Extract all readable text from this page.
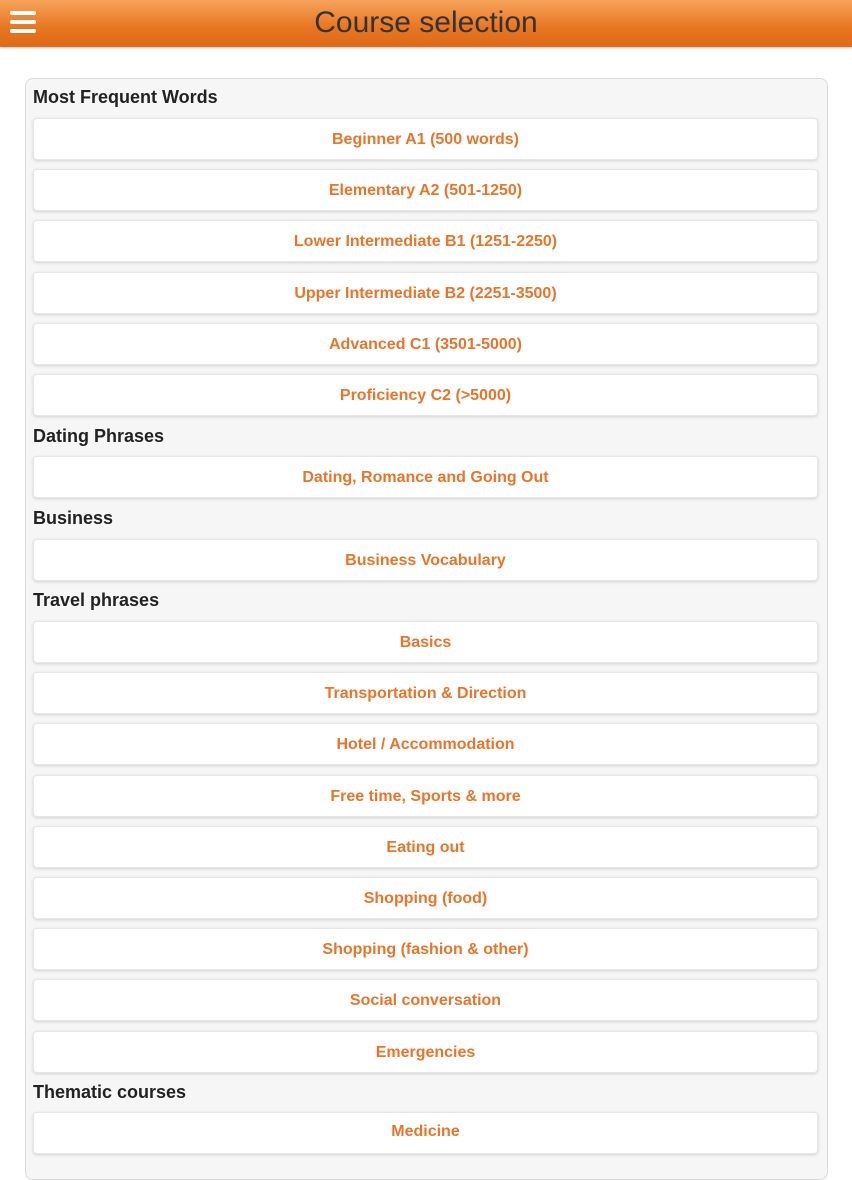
Course selection
Most Frequent Words
Beginner A1 (500 words)
Elementary A2 (501-1250)
Lower Intermediate B1 (1251-2250)
Upper Intermediate B2 (2251-3500)
Advanced C1 (3501-5000)
Proficiency C2 (>5000)
Dating Phrases
Dating, Romance and Going Out
Business
Business Vocabulary
Travel phrases
Basics
Transportation & Direction
Hotel / Accommodation
Free time, Sports & more
Eating out
Shopping (food)
Shopping (fashion & other)
Social conversation
Emergencies
Thematic courses
Medicine
